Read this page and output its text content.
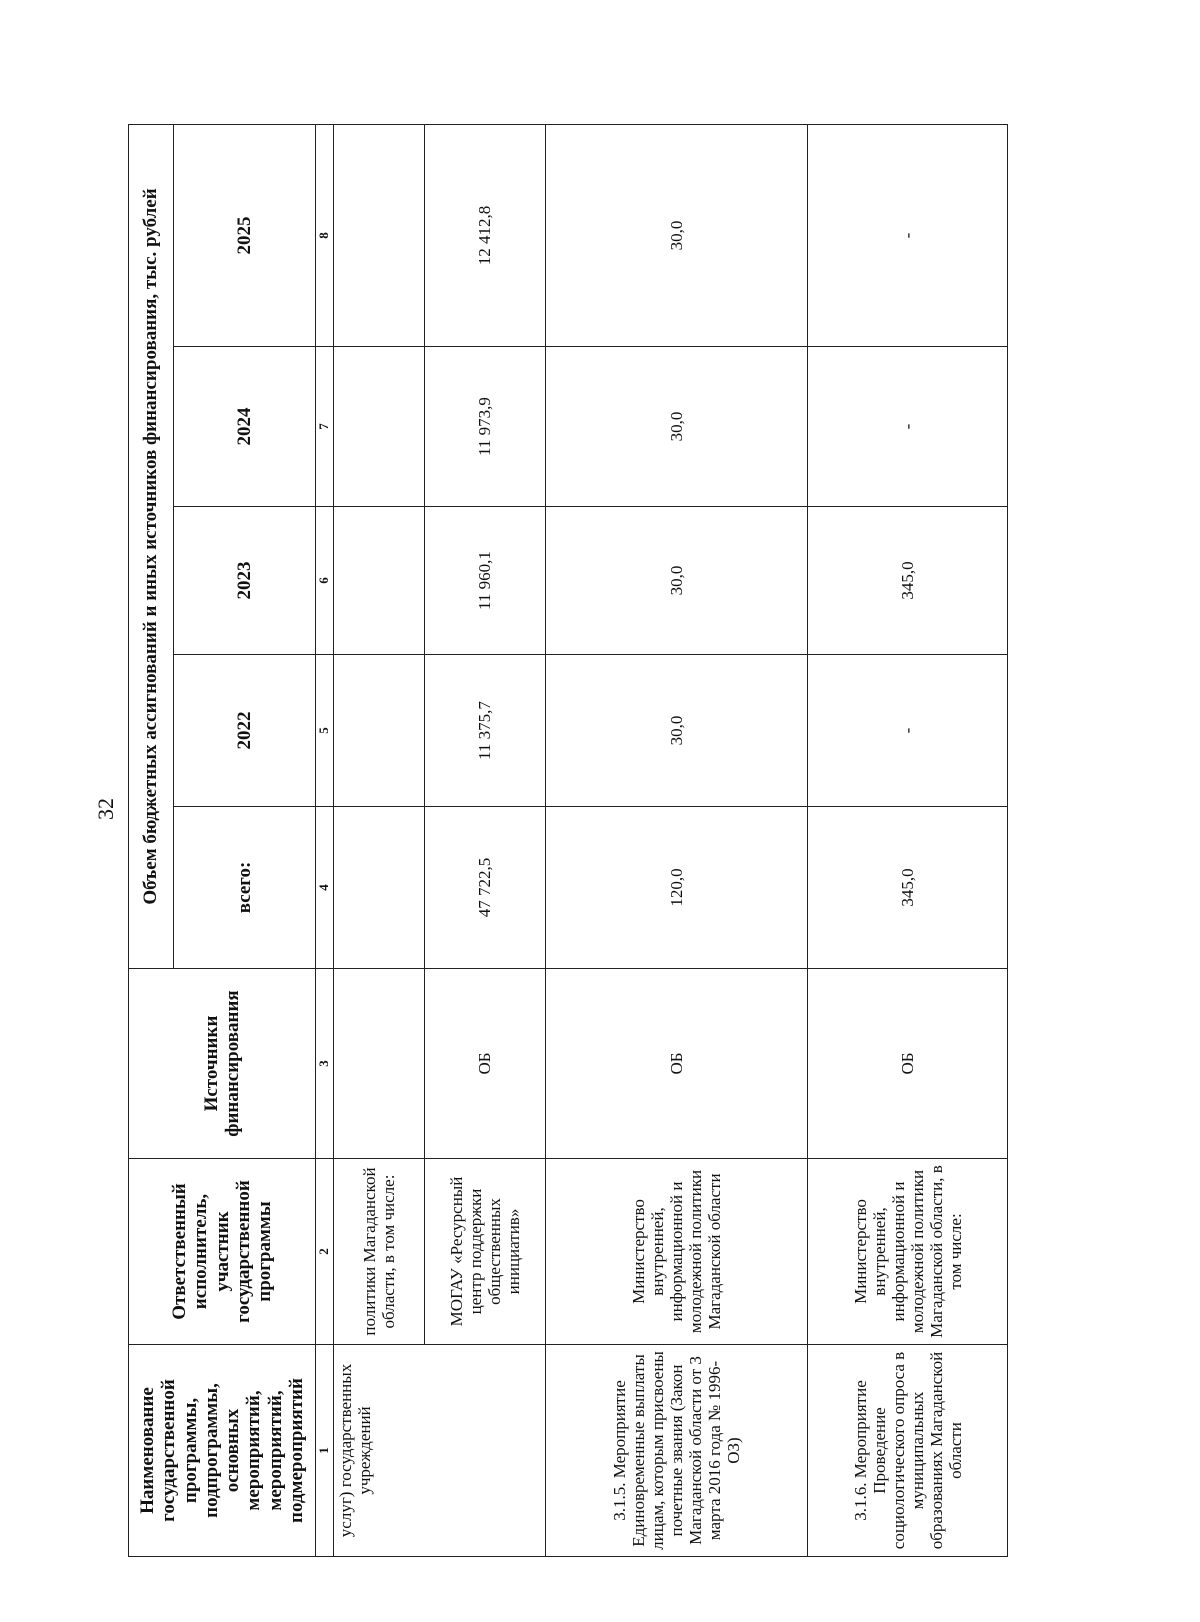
32
Наименование государственной программы, подпрограммы, основных мероприятий, мероприятий, подмероприятий	Ответственный исполнитель, участник государственной программы	Источники финансирования	Объем бюджетных ассигнований и иных источников финансирования, тыс. рублей				
			всего:	2022	2023	2024	2025
1	2	3	4	5	6	7	8
услуг) государственных учреждений	политики Магаданской области, в том числе:						
	МОГАУ «Ресурсный центр поддержки общественных инициатив»	ОБ	47 722,5	11 375,7	11 960,1	11 973,9	12 412,8
3.1.5. Мероприятие Единовременные выплаты лицам, которым присвоены почетные звания (Закон Магаданской области от 3 марта 2016 года № 1996-ОЗ)	Министерство внутренней, информационной и молодежной политики Магаданской области	ОБ	120,0	30,0	30,0	30,0	30,0
3.1.6. Мероприятие Проведение социологического опроса в муниципальных образованиях Магаданской области	Министерство внутренней, информационной и молодежной политики Магаданской области, в том числе:	ОБ	345,0	-	345,0	-	-
